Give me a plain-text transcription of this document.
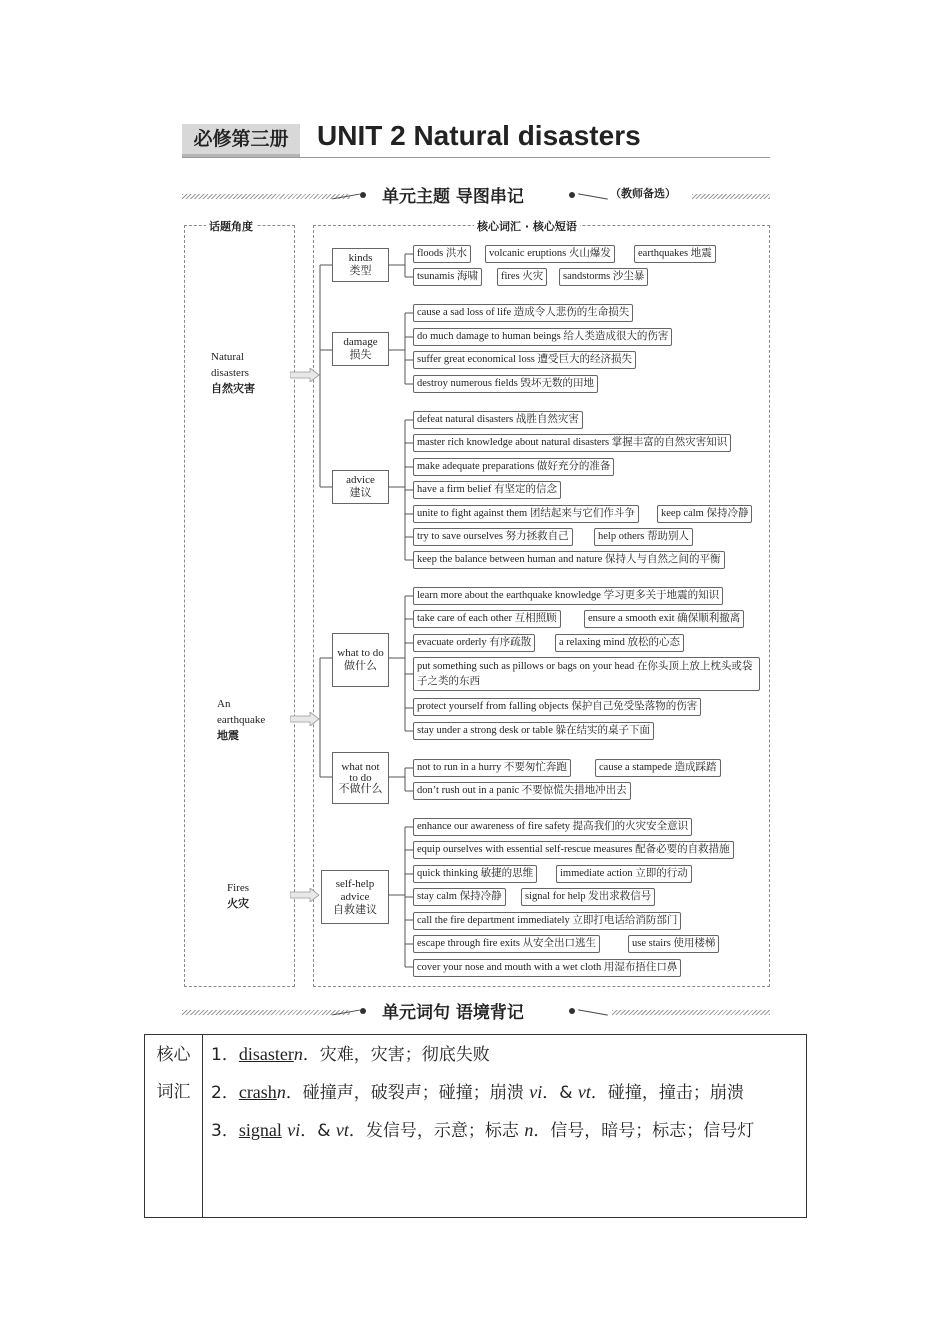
必修第三册	UNIT 2 Natural disasters
单元主题 导图串记	（教师备选）
话题角度	核心词汇 · 核心短语
Natural
disasters
自然灾害
An
earthquake
地震
Fires
火灾
kinds
类型
damage
损失
advice
建议
what to do
做什么
what not
to do
不做什么
self-help
advice
自救建议
floods 洪水	volcanic eruptions 火山爆发	earthquakes 地震
tsunamis 海啸	fires 火灾	sandstorms 沙尘暴
cause a sad loss of life 造成令人悲伤的生命损失
do much damage to human beings 给人类造成很大的伤害
suffer great economical loss 遭受巨大的经济损失
destroy numerous fields 毁坏无数的田地
defeat natural disasters 战胜自然灾害
master rich knowledge about natural disasters 掌握丰富的自然灾害知识
make adequate preparations 做好充分的准备
have a firm belief 有坚定的信念
unite to fight against them 团结起来与它们作斗争	keep calm 保持冷静
try to save ourselves 努力拯救自己	help others 帮助别人
keep the balance between human and nature 保持人与自然之间的平衡
learn more about the earthquake knowledge 学习更多关于地震的知识
take care of each other 互相照顾	ensure a smooth exit 确保顺利撤离
evacuate orderly 有序疏散	a relaxing mind 放松的心态
put something such as pillows or bags on your head 在你头顶上放上枕头或袋子之类的东西
protect yourself from falling objects 保护自己免受坠落物的伤害
stay under a strong desk or table 躲在结实的桌子下面
not to run in a hurry 不要匆忙奔跑	cause a stampede 造成踩踏
don’t rush out in a panic 不要惊慌失措地冲出去
enhance our awareness of fire safety 提高我们的火灾安全意识
equip ourselves with essential self-rescue measures 配备必要的自救措施
quick thinking 敏捷的思维	immediate action 立即的行动
stay calm 保持冷静	signal for help 发出求救信号
call the fire department immediately 立即打电话给消防部门
escape through fire exits 从安全出口逃生	use stairs 使用楼梯
cover your nose and mouth with a wet cloth 用湿布捂住口鼻
单元词句 语境背记
核心
词汇
1．disastern．灾难，灾害；彻底失败
2．crashn．碰撞声，破裂声；碰撞；崩溃 vi．& vt．碰撞，撞击；崩溃
3．signal vi．& vt．发信号，示意；标志 n．信号，暗号；标志；信号灯
